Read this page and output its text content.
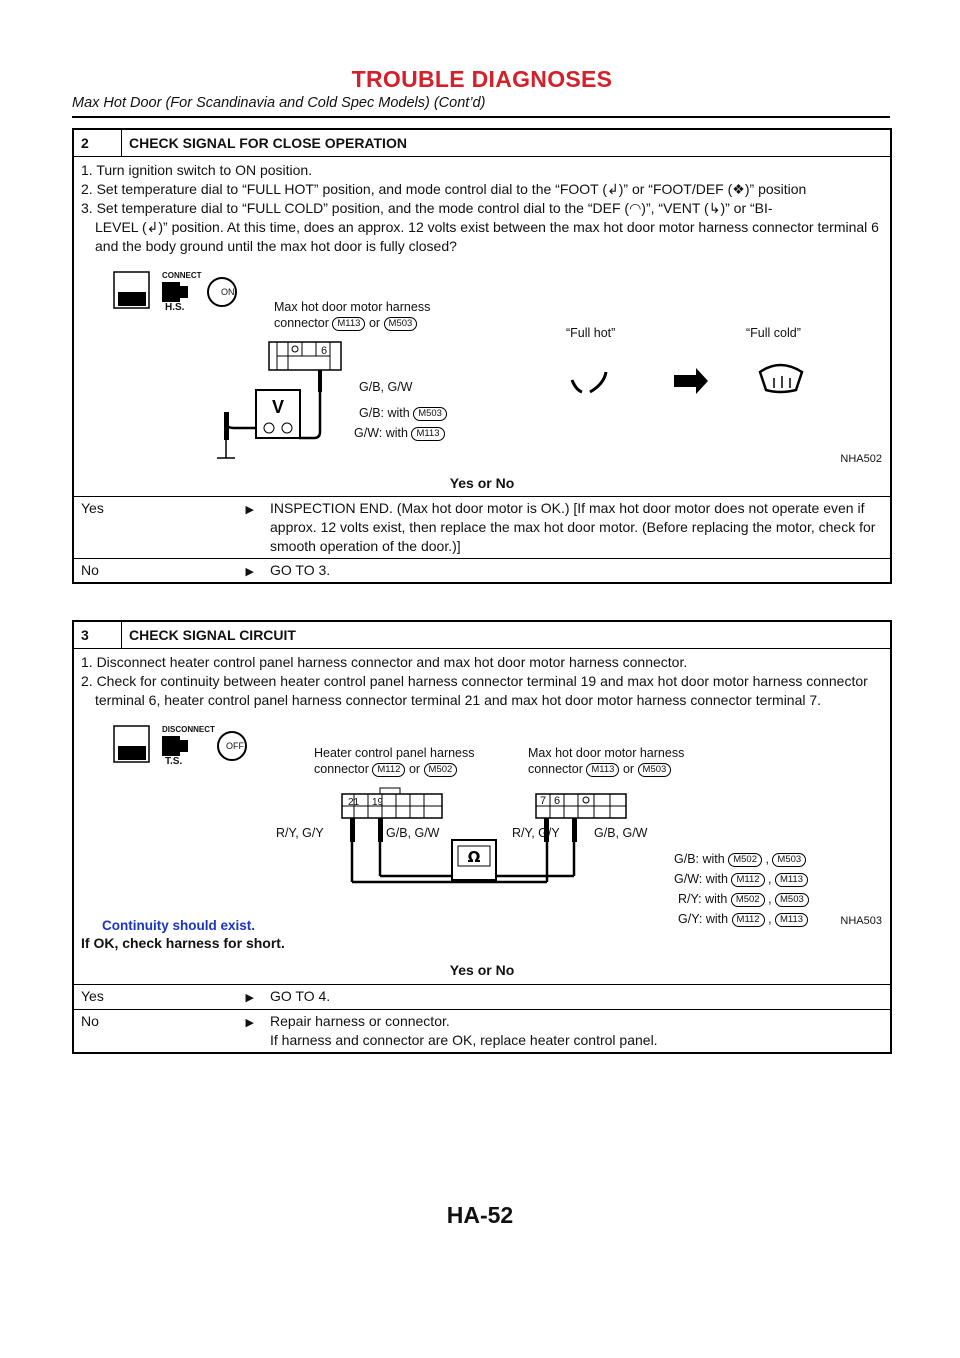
TROUBLE DIAGNOSES
Max Hot Door (For Scandinavia and Cold Spec Models) (Cont’d)
2	CHECK SIGNAL FOR CLOSE OPERATION
1. Turn ignition switch to ON position.
2. Set temperature dial to “FULL HOT” position, and mode control dial to the “FOOT (↲)” or “FOOT/DEF (❖)” position
3. Set temperature dial to “FULL COLD” position, and the mode control dial to the “DEF (◠)”, “VENT (↳)” or “BI-
LEVEL (↲)” position. At this time, does an approx. 12 volts exist between the max hot door motor harness connector terminal 6 and the body ground until the max hot door is fully closed?
V
H.S.
CONNECT
ON
Max hot door motor harness
connector M113 or M503
6
G/B, G/W
G/B: with M503
G/W: with M113
“Full hot”	“Full cold”
NHA502
Yes or No
Yes	▶	INSPECTION END. (Max hot door motor is OK.) [If max hot door motor does not operate even if approx. 12 volts exist, then replace the max hot door motor. (Before replacing the motor, check for smooth operation of the door.)]
No	▶	GO TO 3.
3	CHECK SIGNAL CIRCUIT
1. Disconnect heater control panel harness connector and max hot door motor harness connector.
2. Check for continuity between heater control panel harness connector terminal 19 and max hot door motor harness connector terminal 6, heater control panel harness connector terminal 21 and max hot door motor harness connector terminal 7.
Ω
T.S.
DISCONNECT
OFF	Heater control panel harness
connector M112 or M502
Max hot door motor harness
connector M113 or M503
21 19	7 6
R/Y, G/Y	G/B, G/W	R/Y, G/Y	G/B, G/W
G/B: with M502 , M503
G/W: with M112 , M113
R/Y: with M502 , M503
G/Y: with M112 , M113
Continuity should exist.	NHA503
If OK, check harness for short.
Yes or No
Yes	▶	GO TO 4.
No	▶ Repair harness or connector.
If harness and connector are OK, replace heater control panel.
HA-52
